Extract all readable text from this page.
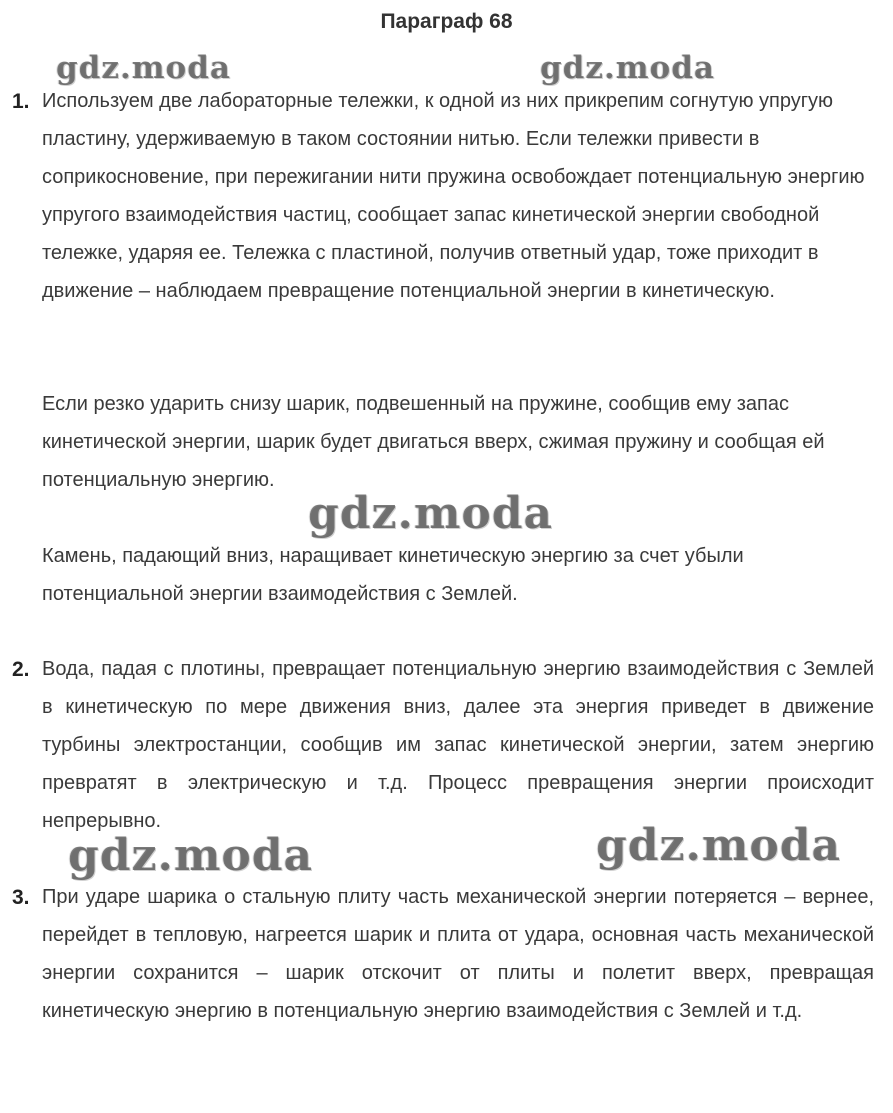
Параграф 68
gdz.moda	gdz.moda
gdz.moda
gdz.moda	gdz.moda
1. Используем две лабораторные тележки, к одной из них прикрепим согнутую упругую пластину, удерживаемую в таком состоянии нитью. Если тележки привести в соприкосновение, при пережигании нити пружина освобождает потенциальную энергию упругого взаимодействия частиц, сообщает запас кинетической энергии свободной тележке, ударяя ее. Тележка с пластиной, получив ответный удар, тоже приходит в движение – наблюдаем превращение потенциальной энергии в кинетическую.

Если резко ударить снизу шарик, подвешенный на пружине, сообщив ему запас кинетической энергии, шарик будет двигаться вверх, сжимая пружину и сообщая ей потенциальную энергию.

Камень, падающий вниз, наращивает кинетическую энергию за счет убыли потенциальной энергии взаимодействия с Землей.

2. Вода, падая с плотины, превращает потенциальную энергию взаимодействия с Землей в кинетическую по мере движения вниз, далее эта энергия приведет в движение турбины электростанции, сообщив им запас кинетической энергии, затем энергию превратят в электрическую и т.д. Процесс превращения энергии происходит непрерывно.

3. При ударе шарика о стальную плиту часть механической энергии потеряется – вернее, перейдет в тепловую, нагреется шарик и плита от удара, основная часть механической энергии сохранится – шарик отскочит от плиты и полетит вверх, превращая кинетическую энергию в потенциальную энергию взаимодействия с Землей и т.д.
